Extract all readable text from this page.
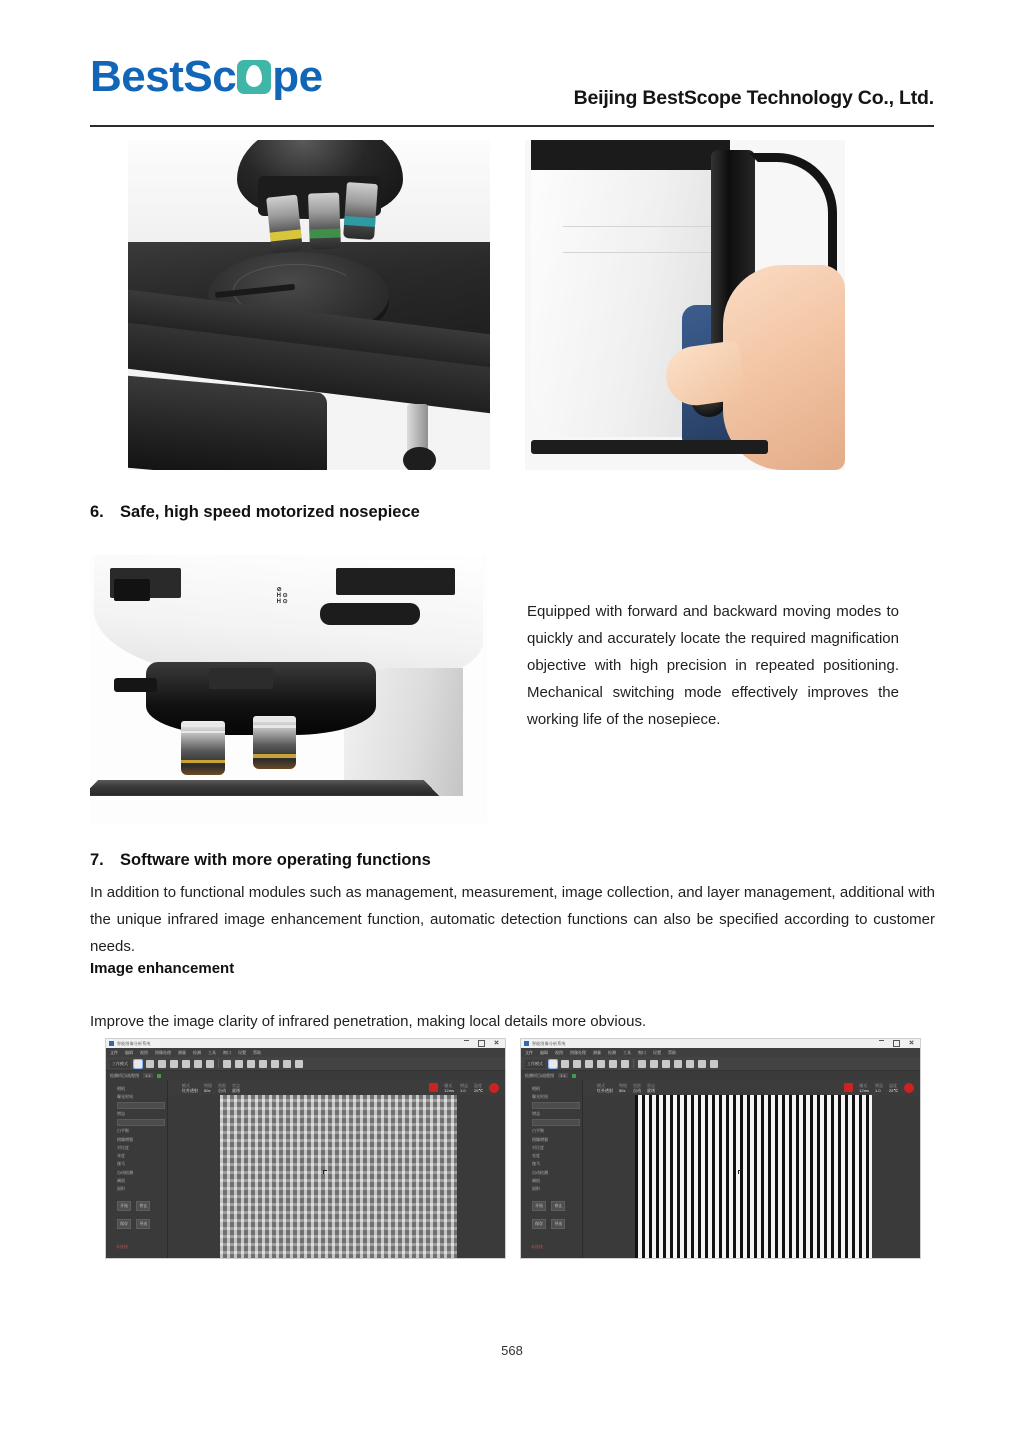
BestSc pe	Beijing BestScope Technology Co., Ltd.
6. Safe, high speed motorized nosepiece
⊘
H ⊙
H ⊙
Equipped with forward and backward moving modes to quickly and accurately locate the required magnification objective with high precision in repeated positioning. Mechanical switching mode effectively improves the working life of the nosepiece.
7. Software with more operating functions
In addition to functional modules such as management, measurement, image collection, and layer management, additional with the unique infrared image enhancement function, automatic detection functions can also be specified according to customer needs.
Image enhancement
Improve the image clarity of infrared penetration, making local details more obvious.
智能图像分析系统
文件 编辑 视图 图像处理 测量 检测 工具 窗口 设置 帮助
工作模式
检测项目/流程图	1:1
相机
曝光时间
增益
白平衡
图像增强
对比度
亮度
伽马
自动检测
阈值
面积
开始	停止 保存	导出
未连接
模式
红外透射
物镜
50x
焦距
自动
状态
就绪
曝光
12ms
增益
1.0
温度
25℃
智能图像分析系统
文件 编辑 视图 图像处理 测量 检测 工具 窗口 设置 帮助
工作模式
检测项目/流程图	1:1
相机
曝光时间
增益
白平衡
图像增强
对比度
亮度
伽马
自动检测
阈值
面积
开始	停止 保存	导出
未连接
模式
红外透射
物镜
50x
焦距
自动
状态
就绪
曝光
12ms
增益
1.0
温度
25℃
568
